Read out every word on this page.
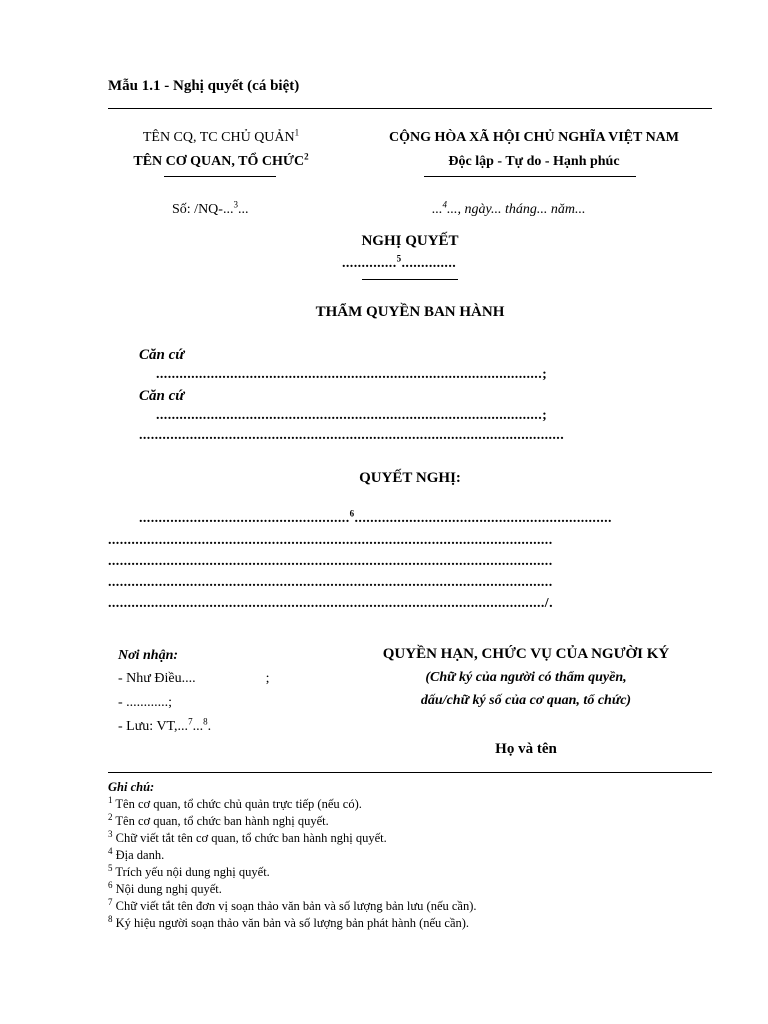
Mẫu 1.1 - Nghị quyết (cá biệt)
TÊN CQ, TC CHỦ QUẢN$^1$
TÊN CƠ QUAN, TỔ CHỨC$^2$
CỘNG HÒA XÃ HỘI CHỦ NGHĨA VIỆT NAM
Độc lập - Tự do - Hạnh phúc
Số: /NQ-...$^3$...	...$^4$..., ngày... tháng... năm...
NGHỊ QUYẾT
..............$^5$..............
THẨM QUYỀN BAN HÀNH
Căn cứ
...................................................................................................;
Căn cứ
...................................................................................................;
.............................................................................................................
QUYẾT NGHỊ:
......................................................$^6$..................................................................
..................................................................................................................
..................................................................................................................
..................................................................................................................
................................................................................................................/.
Nơi nhận:
- Như Điều....	;
- ............;
- Lưu: VT,...$^7$...$^8$.
QUYỀN HẠN, CHỨC VỤ CỦA NGƯỜI KÝ
(Chữ ký của người có thẩm quyền,
dấu/chữ ký số của cơ quan, tổ chức)
Họ và tên
Ghi chú:
$^1$ Tên cơ quan, tổ chức chủ quản trực tiếp (nếu có).
$^2$ Tên cơ quan, tổ chức ban hành nghị quyết.
$^3$ Chữ viết tắt tên cơ quan, tổ chức ban hành nghị quyết.
$^4$ Địa danh.
$^5$ Trích yếu nội dung nghị quyết.
$^6$ Nội dung nghị quyết.
$^7$ Chữ viết tắt tên đơn vị soạn thảo văn bản và số lượng bản lưu (nếu cần).
$^8$ Ký hiệu người soạn thảo văn bản và số lượng bản phát hành (nếu cần).
